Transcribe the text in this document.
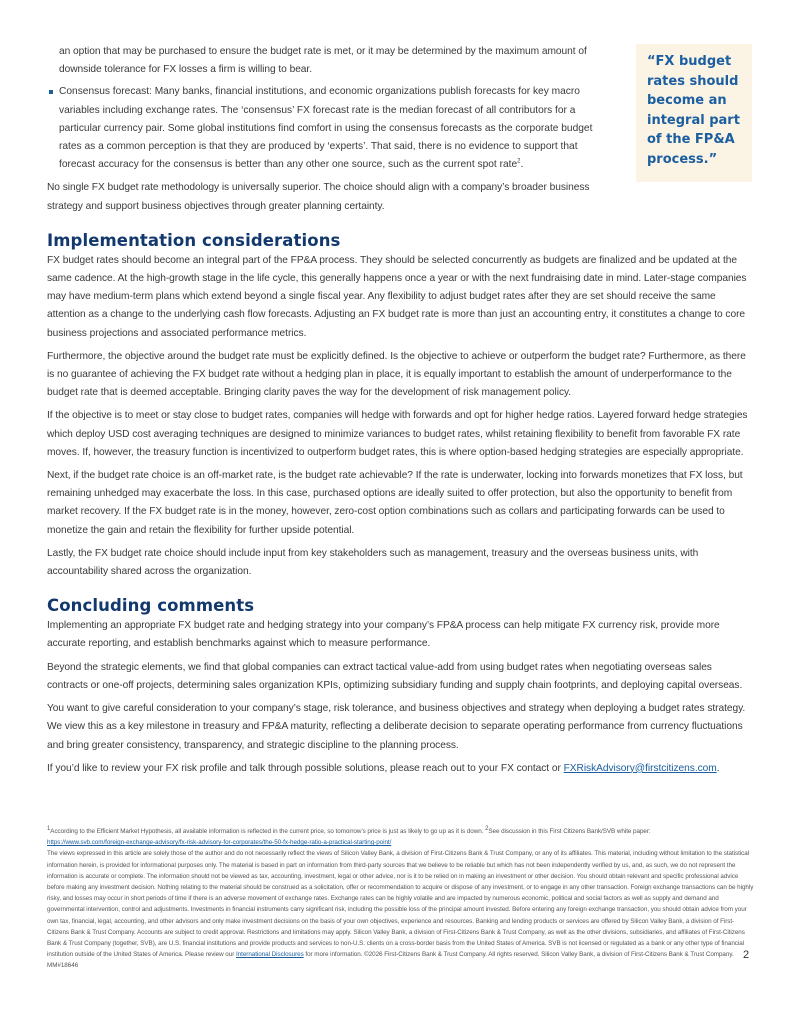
an option that may be purchased to ensure the budget rate is met, or it may be determined by the maximum amount of downside tolerance for FX losses a firm is willing to bear.

Consensus forecast: Many banks, financial institutions, and economic organizations publish forecasts for key macro variables including exchange rates. The ‘consensus’ FX forecast rate is the median forecast of all contributors for a particular currency pair. Some global institutions find comfort in using the consensus forecasts as the corporate budget rates as a common perception is that they are produced by ‘experts’. That said, there is no evidence to support that forecast accuracy for the consensus is better than any other one source, such as the current spot rate$^2$.

No single FX budget rate methodology is universally superior. The choice should align with a company’s broader business strategy and support business objectives through greater planning certainty.

Implementation considerations

FX budget rates should become an integral part of the FP&A process. They should be selected concurrently as budgets are finalized and be updated at the same cadence. At the high-growth stage in the life cycle, this generally happens once a year or with the next fundraising date in mind. Later-stage companies may have medium-term plans which extend beyond a single fiscal year. Any flexibility to adjust budget rates after they are set should receive the same attention as a change to the underlying cash flow forecasts. Adjusting an FX budget rate is more than just an accounting entry, it constitutes a change to core business projections and associated performance metrics.

Furthermore, the objective around the budget rate must be explicitly defined. Is the objective to achieve or outperform the budget rate? Furthermore, as there is no guarantee of achieving the FX budget rate without a hedging plan in place, it is equally important to establish the amount of underperformance to the budget rate that is deemed acceptable. Bringing clarity paves the way for the development of risk management policy.

If the objective is to meet or stay close to budget rates, companies will hedge with forwards and opt for higher hedge ratios. Layered forward hedge strategies which deploy USD cost averaging techniques are designed to minimize variances to budget rates, whilst retaining flexibility to benefit from favorable FX rate moves. If, however, the treasury function is incentivized to outperform budget rates, this is where option-based hedging strategies are especially appropriate.

Next, if the budget rate choice is an off-market rate, is the budget rate achievable? If the rate is underwater, locking into forwards monetizes that FX loss, but remaining unhedged may exacerbate the loss. In this case, purchased options are ideally suited to offer protection, but also the opportunity to benefit from market recovery. If the FX budget rate is in the money, however, zero-cost option combinations such as collars and participating forwards can be used to monetize the gain and retain the flexibility for further upside potential.

Lastly, the FX budget rate choice should include input from key stakeholders such as management, treasury and the overseas business units, with accountability shared across the organization.

Concluding comments

Implementing an appropriate FX budget rate and hedging strategy into your company’s FP&A process can help mitigate FX currency risk, provide more accurate reporting, and establish benchmarks against which to measure performance.

Beyond the strategic elements, we find that global companies can extract tactical value-add from using budget rates when negotiating overseas sales contracts or one-off projects, determining sales organization KPIs, optimizing subsidiary funding and supply chain footprints, and deploying capital overseas.

You want to give careful consideration to your company’s stage, risk tolerance, and business objectives and strategy when deploying a budget rates strategy. We view this as a key milestone in treasury and FP&A maturity, reflecting a deliberate decision to separate operating performance from currency fluctuations and bring greater consistency, transparency, and strategic discipline to the planning process.

If you’d like to review your FX risk profile and talk through possible solutions, please reach out to your FX contact or FXRiskAdvisory@firstcitizens.com.

“FX budget rates should become an integral part of the FP&A process.”

$^1$According to the Efficient Market Hypothesis, all available information is reflected in the current price, so tomorrow’s price is just as likely to go up as it is down. $^2$See discussion in this First Citizens Bank/SVB white paper:
https://www.svb.com/foreign-exchange-advisory/fx-risk-advisory-for-corporates/the-50-fx-hedge-ratio-a-practical-starting-point/

The views expressed in this article are solely those of the author and do not necessarily reflect the views of Silicon Valley Bank, a division of First-Citizens Bank & Trust Company, or any of its affiliates. This material, including without limitation to the statistical information herein, is provided for informational purposes only. The material is based in part on information from third-party sources that we believe to be reliable but which has not been independently verified by us, and, as such, we do not represent the information is accurate or complete. The information should not be viewed as tax, accounting, investment, legal or other advice, nor is it to be relied on in making an investment or other decision. You should obtain relevant and specific professional advice before making any investment decision. Nothing relating to the material should be construed as a solicitation, offer or recommendation to acquire or dispose of any investment, or to engage in any other transaction. Foreign exchange transactions can be highly risky, and losses may occur in short periods of time if there is an adverse movement of exchange rates. Exchange rates can be highly volatile and are impacted by numerous economic, political and social factors as well as supply and demand and governmental intervention, control and adjustments. Investments in financial instruments carry significant risk, including the possible loss of the principal amount invested. Before entering any foreign exchange transaction, you should obtain advice from your own tax, financial, legal, accounting, and other advisors and only make investment decisions on the basis of your own objectives, experience and resources. Banking and lending products or services are offered by Silicon Valley Bank, a division of First-Citizens Bank & Trust Company. Accounts are subject to credit approval. Restrictions and limitations may apply. Silicon Valley Bank, a division of First-Citizens Bank & Trust Company, as well as the other divisions, subsidiaries, and affiliates of First-Citizens Bank & Trust Company (together, SVB), are U.S. financial institutions and provide products and services to non-U.S. clients on a cross-border basis from the United States of America. SVB is not licensed or regulated as a bank or any other type of financial institution outside of the United States of America. Please review our International Disclosures for more information. ©2026 First-Citizens Bank & Trust Company. All rights reserved. Silicon Valley Bank, a division of First-Citizens Bank & Trust Company. MM#18646

2
